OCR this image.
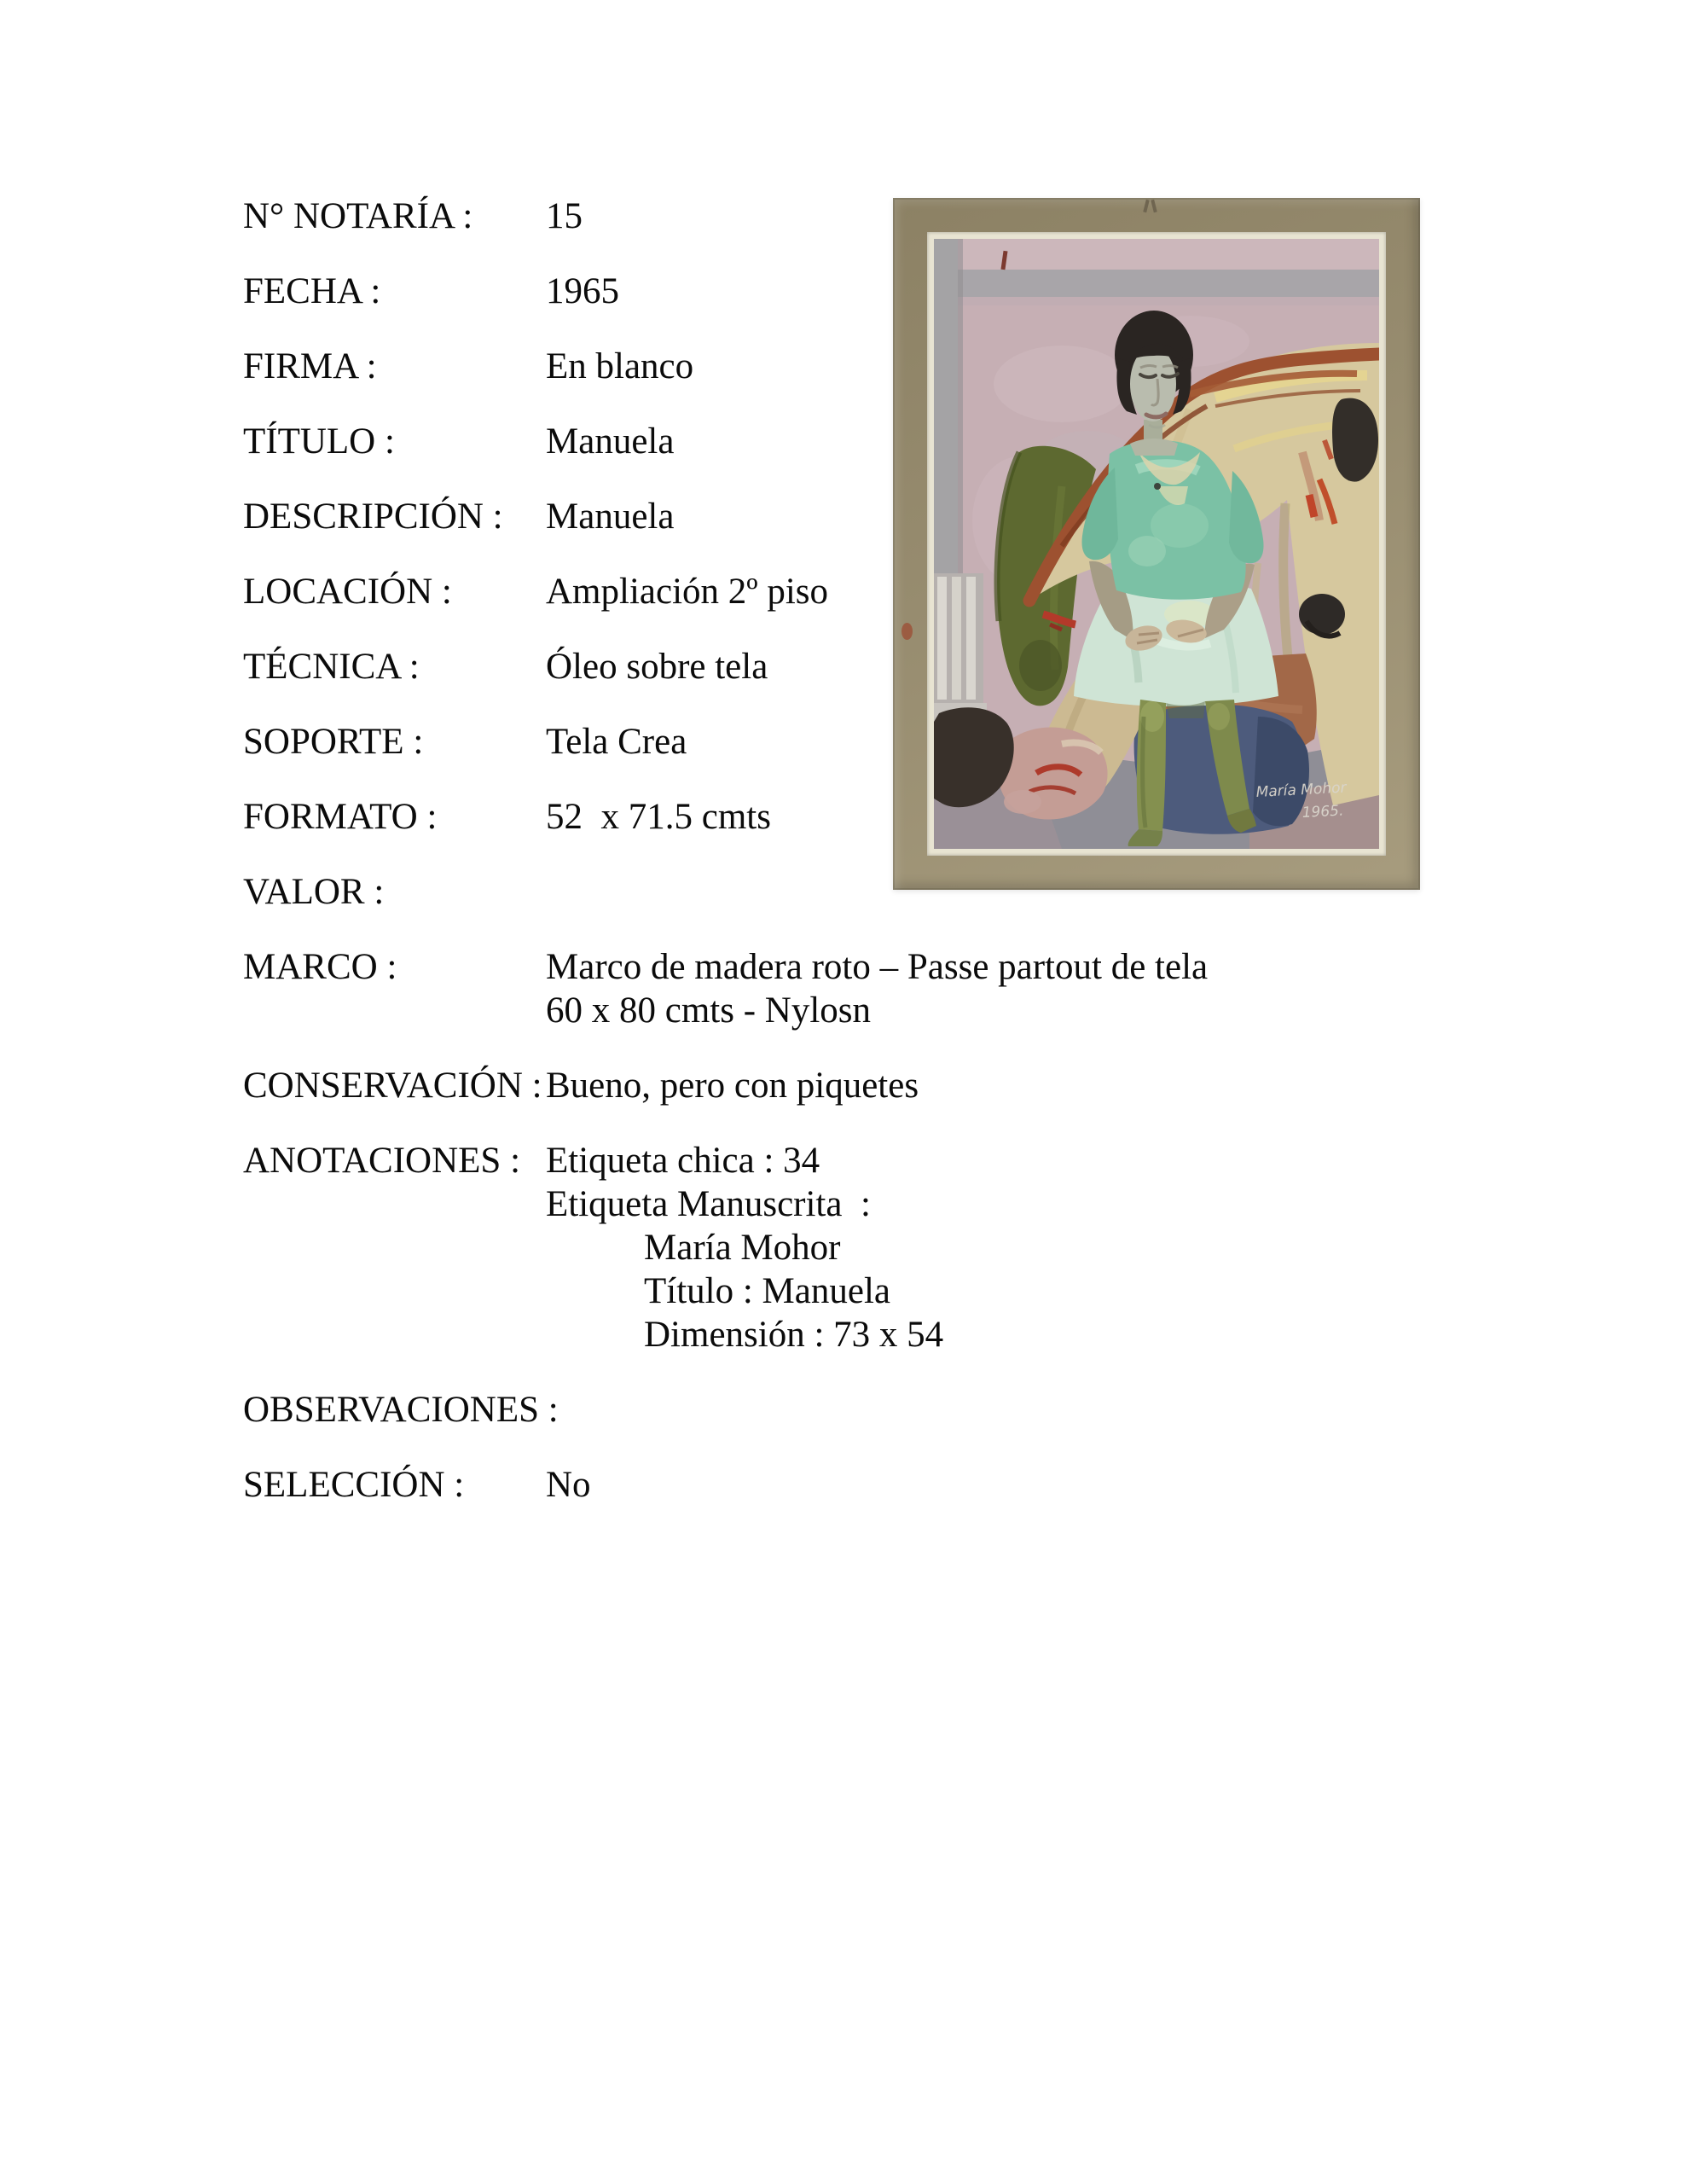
N° NOTARÍA :	15
FECHA :	1965
FIRMA :	En blanco
TÍTULO :	Manuela
DESCRIPCIÓN :	Manuela
LOCACIÓN :	Ampliación 2º piso
TÉCNICA :	Óleo sobre tela
SOPORTE :	Tela Crea
FORMATO :	52  x 71.5 cmts
VALOR :
MARCO :	Marco de madera roto – Passe partout de tela
60 x 80 cmts - Nylosn
CONSERVACIÓN : Bueno, pero con piquetes
ANOTACIONES : Etiqueta chica : 34
Etiqueta Manuscrita  :
María Mohor
Título : Manuela
Dimensión : 73 x 54
OBSERVACIONES :
SELECCIÓN :	No
María Mohor
1965.
